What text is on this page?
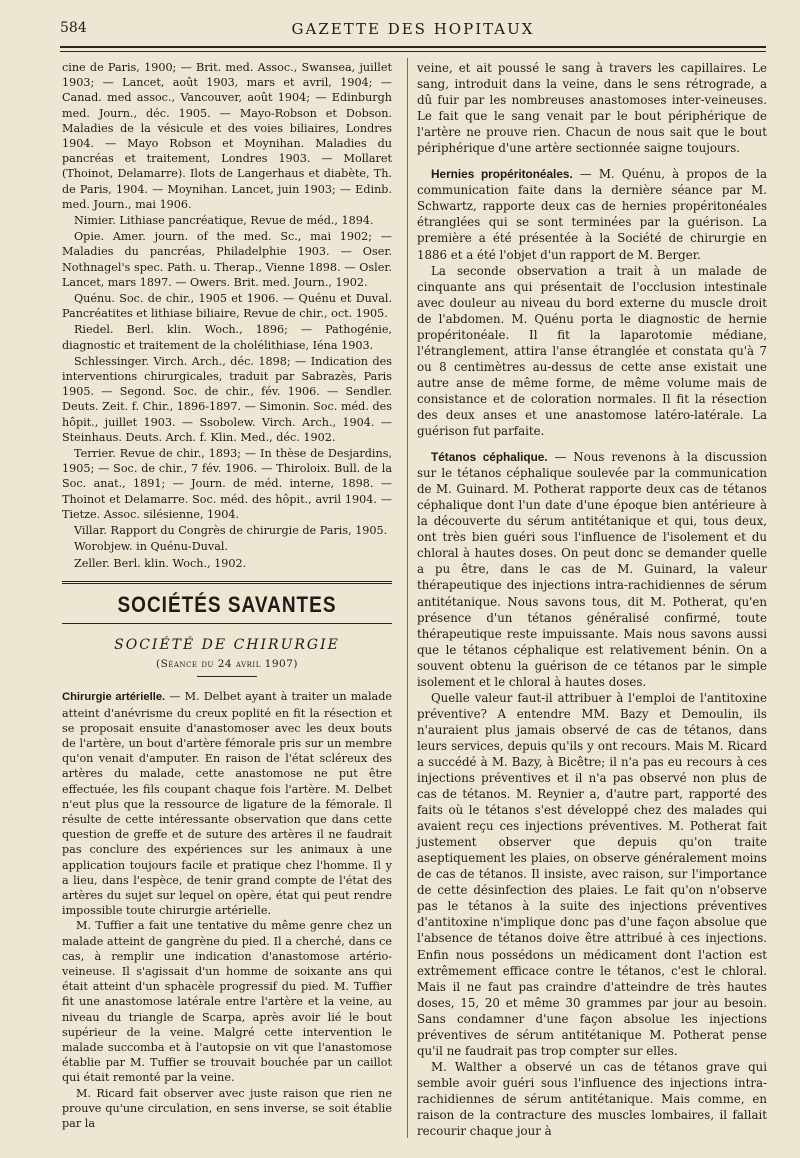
584	GAZETTE DES HOPITAUX

cine de Paris, 1900; — Brit. med. Assoc., Swansea, juillet 1903; — Lancet, août 1903, mars et avril, 1904; — Canad. med assoc., Vancouver, août 1904; — Edinburgh med. Journ., déc. 1905. — Mayo-Robson et Dobson. Maladies de la vésicule et des voies biliaires, Londres 1904. — Mayo Robson et Moynihan. Maladies du pancréas et traitement, Londres 1903. — Mollaret (Thoinot, Delamarre). Ilots de Langerhaus et diabète, Th. de Paris, 1904. — Moynihan. Lancet, juin 1903; — Edinb. med. Journ., mai 1906.

Nimier. Lithiase pancréatique, Revue de méd., 1894.

Opie. Amer. journ. of the med. Sc., mai 1902; — Maladies du pancréas, Philadelphie 1903. — Oser. Nothnagel's spec. Path. u. Therap., Vienne 1898. — Osler. Lancet, mars 1897. — Owers. Brit. med. Journ., 1902.

Quénu. Soc. de chir., 1905 et 1906. — Quénu et Duval. Pancréatites et lithiase biliaire, Revue de chir., oct. 1905.

Riedel. Berl. klin. Woch., 1896; — Pathogénie, diagnostic et traitement de la cholélithiase, Iéna 1903.

Schlessinger. Virch. Arch., déc. 1898; — Indication des interventions chirurgicales, traduit par Sabrazès, Paris 1905. — Segond. Soc. de chir., fév. 1906. — Sendler. Deuts. Zeit. f. Chir., 1896-1897. — Simonin. Soc. méd. des hôpit., juillet 1903. — Ssobolew. Virch. Arch., 1904. — Steinhaus. Deuts. Arch. f. Klin. Med., déc. 1902.

Terrier. Revue de chir., 1893; — In thèse de Desjardins, 1905; — Soc. de chir., 7 fév. 1906. — Thiroloix. Bull. de la Soc. anat., 1891; — Journ. de méd. interne, 1898. — Thoinot et Delamarre. Soc. méd. des hôpit., avril 1904. — Tietze. Assoc. silésienne, 1904.

Villar. Rapport du Congrès de chirurgie de Paris, 1905.

Worobjew. in Quénu-Duval.

Zeller. Berl. klin. Woch., 1902.

SOCIÉTÉS SAVANTES
SOCIÉTÉ DE CHIRURGIE
(Séance du 24 avril 1907)

Chirurgie artérielle. — M. Delbet ayant à traiter un malade atteint d'anévrisme du creux poplité en fit la résection et se proposait ensuite d'anastomoser avec les deux bouts de l'artère, un bout d'artère fémorale pris sur un membre qu'on venait d'amputer. En raison de l'état scléreux des artères du malade, cette anastomose ne put être effectuée, les fils coupant chaque fois l'artère. M. Delbet n'eut plus que la ressource de ligature de la fémorale. Il résulte de cette intéressante observation que dans cette question de greffe et de suture des artères il ne faudrait pas conclure des expériences sur les animaux à une application toujours facile et pratique chez l'homme. Il y a lieu, dans l'espèce, de tenir grand compte de l'état des artères du sujet sur lequel on opère, état qui peut rendre impossible toute chirurgie artérielle.

M. Tuffier a fait une tentative du même genre chez un malade atteint de gangrène du pied. Il a cherché, dans ce cas, à remplir une indication d'anastomose artério-veineuse. Il s'agissait d'un homme de soixante ans qui était atteint d'un sphacèle progressif du pied. M. Tuffier fit une anastomose latérale entre l'artère et la veine, au niveau du triangle de Scarpa, après avoir lié le bout supérieur de la veine. Malgré cette intervention le malade succomba et à l'autopsie on vit que l'anastomose établie par M. Tuffier se trouvait bouchée par un caillot qui était remonté par la veine.

M. Ricard fait observer avec juste raison que rien ne prouve qu'une circulation, en sens inverse, se soit établie par la

veine, et ait poussé le sang à travers les capillaires. Le sang, introduit dans la veine, dans le sens rétrograde, a dû fuir par les nombreuses anastomoses inter-veineuses. Le fait que le sang venait par le bout périphérique de l'artère ne prouve rien. Chacun de nous sait que le bout périphérique d'une artère sectionnée saigne toujours.

Hernies propéritonéales. — M. Quénu, à propos de la communication faite dans la dernière séance par M. Schwartz, rapporte deux cas de hernies propéritonéales étranglées qui se sont terminées par la guérison. La première a été présentée à la Société de chirurgie en 1886 et a été l'objet d'un rapport de M. Berger.

La seconde observation a trait à un malade de cinquante ans qui présentait de l'occlusion intestinale avec douleur au niveau du bord externe du muscle droit de l'abdomen. M. Quénu porta le diagnostic de hernie propéritonéale. Il fit la laparotomie médiane, l'étranglement, attira l'anse étranglée et constata qu'à 7 ou 8 centimètres au-dessus de cette anse existait une autre anse de même forme, de même volume mais de consistance et de coloration normales. Il fit la résection des deux anses et une anastomose latéro-latérale. La guérison fut parfaite.

Tétanos céphalique. — Nous revenons à la discussion sur le tétanos céphalique soulevée par la communication de M. Guinard. M. Potherat rapporte deux cas de tétanos céphalique dont l'un date d'une époque bien antérieure à la découverte du sérum antitétanique et qui, tous deux, ont très bien guéri sous l'influence de l'isolement et du chloral à hautes doses. On peut donc se demander quelle a pu être, dans le cas de M. Guinard, la valeur thérapeutique des injections intra-rachidiennes de sérum antitétanique. Nous savons tous, dit M. Potherat, qu'en présence d'un tétanos généralisé confirmé, toute thérapeutique reste impuissante. Mais nous savons aussi que le tétanos céphalique est relativement bénin. On a souvent obtenu la guérison de ce tétanos par le simple isolement et le chloral à hautes doses.

Quelle valeur faut-il attribuer à l'emploi de l'antitoxine préventive? A entendre MM. Bazy et Demoulin, ils n'auraient plus jamais observé de cas de tétanos, dans leurs services, depuis qu'ils y ont recours. Mais M. Ricard a succédé à M. Bazy, à Bicêtre; il n'a pas eu recours à ces injections préventives et il n'a pas observé non plus de cas de tétanos. M. Reynier a, d'autre part, rapporté des faits où le tétanos s'est développé chez des malades qui avaient reçu ces injections préventives. M. Potherat fait justement observer que depuis qu'on traite aseptiquement les plaies, on observe généralement moins de cas de tétanos. Il insiste, avec raison, sur l'importance de cette désinfection des plaies. Le fait qu'on n'observe pas le tétanos à la suite des injections préventives d'antitoxine n'implique donc pas d'une façon absolue que l'absence de tétanos doive être attribué à ces injections. Enfin nous possédons un médicament dont l'action est extrêmement efficace contre le tétanos, c'est le chloral. Mais il ne faut pas craindre d'atteindre de très hautes doses, 15, 20 et même 30 grammes par jour au besoin. Sans condamner d'une façon absolue les injections préventives de sérum antitétanique M. Potherat pense qu'il ne faudrait pas trop compter sur elles.

M. Walther a observé un cas de tétanos grave qui semble avoir guéri sous l'influence des injections intra-rachidiennes de sérum antitétanique. Mais comme, en raison de la contracture des muscles lombaires, il fallait recourir chaque jour à
